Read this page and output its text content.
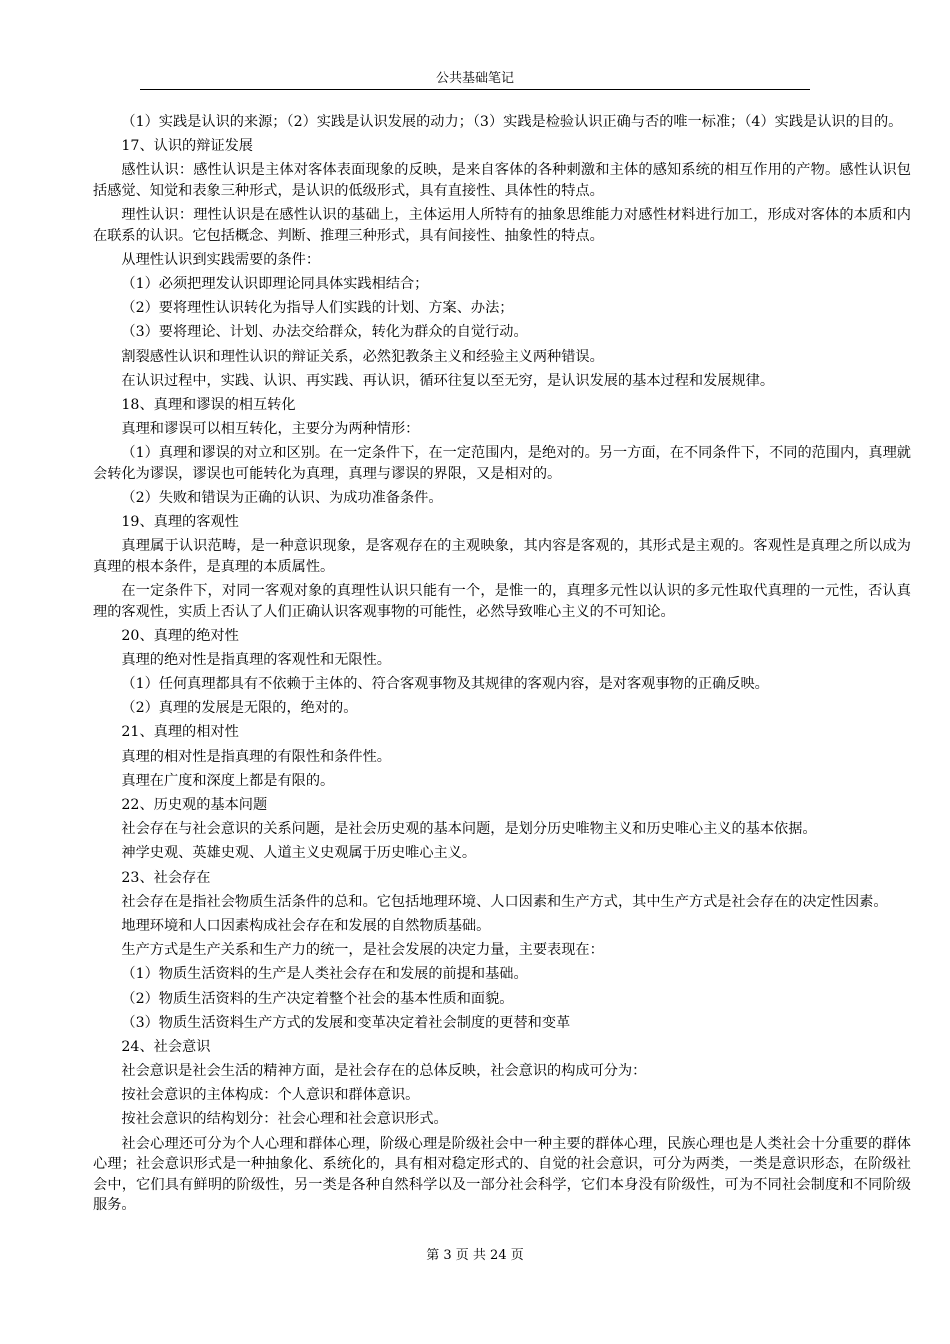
公共基础笔记

（1）实践是认识的来源；（2）实践是认识发展的动力；（3）实践是检验认识正确与否的唯一标准；（4）实践是认识的目的。

17、认识的辩证发展

感性认识：感性认识是主体对客体表面现象的反映，是来自客体的各种刺激和主体的感知系统的相互作用的产物。感性认识包括感觉、知觉和表象三种形式，是认识的低级形式，具有直接性、具体性的特点。

理性认识：理性认识是在感性认识的基础上，主体运用人所特有的抽象思维能力对感性材料进行加工，形成对客体的本质和内在联系的认识。它包括概念、判断、推理三种形式，具有间接性、抽象性的特点。

从理性认识到实践需要的条件：

（1）必须把理发认识即理论同具体实践相结合；

（2）要将理性认识转化为指导人们实践的计划、方案、办法；

（3）要将理论、计划、办法交给群众，转化为群众的自觉行动。

割裂感性认识和理性认识的辩证关系，必然犯教条主义和经验主义两种错误。

在认识过程中，实践、认识、再实践、再认识，循环往复以至无穷，是认识发展的基本过程和发展规律。

18、真理和谬误的相互转化

真理和谬误可以相互转化，主要分为两种情形：

（1）真理和谬误的对立和区别。在一定条件下，在一定范围内，是绝对的。另一方面，在不同条件下，不同的范围内，真理就会转化为谬误，谬误也可能转化为真理，真理与谬误的界限，又是相对的。

（2）失败和错误为正确的认识、为成功准备条件。

19、真理的客观性

真理属于认识范畴，是一种意识现象，是客观存在的主观映象，其内容是客观的，其形式是主观的。客观性是真理之所以成为真理的根本条件，是真理的本质属性。

在一定条件下，对同一客观对象的真理性认识只能有一个，是惟一的，真理多元性以认识的多元性取代真理的一元性，否认真理的客观性，实质上否认了人们正确认识客观事物的可能性，必然导致唯心主义的不可知论。

20、真理的绝对性

真理的绝对性是指真理的客观性和无限性。

（1）任何真理都具有不依赖于主体的、符合客观事物及其规律的客观内容，是对客观事物的正确反映。

（2）真理的发展是无限的，绝对的。

21、真理的相对性

真理的相对性是指真理的有限性和条件性。

真理在广度和深度上都是有限的。

22、历史观的基本问题

社会存在与社会意识的关系问题，是社会历史观的基本问题，是划分历史唯物主义和历史唯心主义的基本依据。

神学史观、英雄史观、人道主义史观属于历史唯心主义。

23、社会存在

社会存在是指社会物质生活条件的总和。它包括地理环境、人口因素和生产方式，其中生产方式是社会存在的决定性因素。

地理环境和人口因素构成社会存在和发展的自然物质基础。

生产方式是生产关系和生产力的统一，是社会发展的决定力量，主要表现在：

（1）物质生活资料的生产是人类社会存在和发展的前提和基础。

（2）物质生活资料的生产决定着整个社会的基本性质和面貌。

（3）物质生活资料生产方式的发展和变革决定着社会制度的更替和变革

24、社会意识

社会意识是社会生活的精神方面，是社会存在的总体反映，社会意识的构成可分为：

按社会意识的主体构成：个人意识和群体意识。

按社会意识的结构划分：社会心理和社会意识形式。

社会心理还可分为个人心理和群体心理，阶级心理是阶级社会中一种主要的群体心理，民族心理也是人类社会十分重要的群体心理；社会意识形式是一种抽象化、系统化的，具有相对稳定形式的、自觉的社会意识，可分为两类，一类是意识形态，在阶级社会中，它们具有鲜明的阶级性，另一类是各种自然科学以及一部分社会科学，它们本身没有阶级性，可为不同社会制度和不同阶级服务。

第 3 页 共 24 页
